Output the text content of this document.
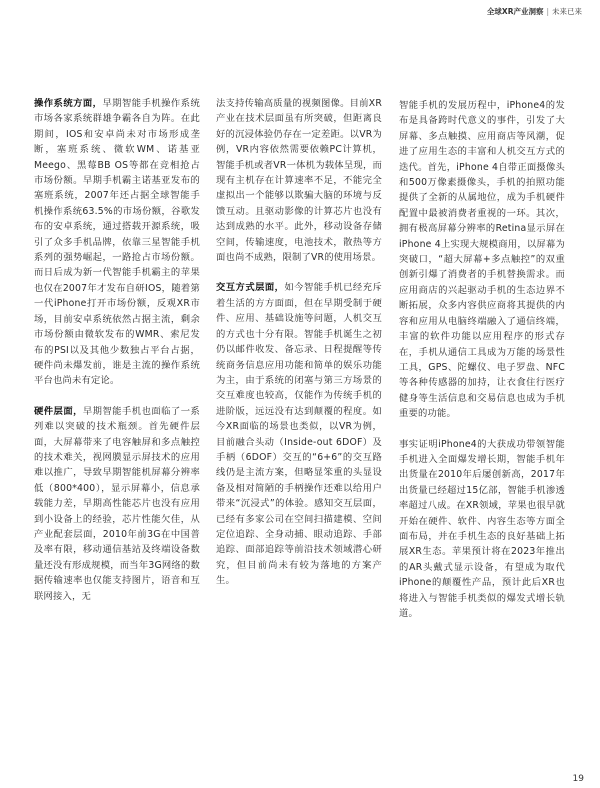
全球XR产业洞察 | 未来已来

操作系统方面，早期智能手机操作系统市场各家系统群雄争霸各自为阵。在此期间，IOS和安卓尚未对市场形成垄断，塞班系统、微软WM、诺基亚Meego、黑莓BB OS等都在竞相抢占市场份额。早期手机霸主诺基亚发布的塞班系统，2007年还占据全球智能手机操作系统63.5%的市场份额，谷歌发布的安卓系统，通过搭载开源系统，吸引了众多手机品牌，依靠三星智能手机系列的强势崛起，一路抢占市场份额。而日后成为新一代智能手机霸主的苹果也仅在2007年才发布自研IOS，随着第一代iPhone打开市场份额，反观XR市场，目前安卓系统依然占据主流，剩余市场份额由微软发布的WMR、索尼发布的PSI以及其他少数独占平台占据，硬件尚未爆发前，谁是主流的操作系统平台也尚未有定论。

硬件层面，早期智能手机也面临了一系列难以突破的技术瓶颈。首先硬件层面，大屏幕带来了电容触屏和多点触控的技术难关，视网膜显示屏技术的应用难以推广，导致早期智能机屏幕分辨率低（800*400），显示屏幕小，信息承载能力差，早期高性能芯片也没有应用到小设备上的经验，芯片性能欠佳，从产业配套层面，2010年前3G在中国普及率有限，移动通信基站及终端设备数量还没有形成规模，而当年3G网络的数据传输速率也仅能支持图片，语音和互联网接入，无

法支持传输高质量的视频图像。目前XR产业在技术层面虽有所突破，但距离良好的沉浸体验仍存在一定差距。以VR为例，VR内容依然需要依赖PC计算机，智能手机或者VR一体机为载体呈现，而现有主机存在计算速率不足，不能完全虚拟出一个能够以欺骗大脑的环境与反馈互动。且驱动影像的计算芯片也没有达到成熟的水平。此外，移动设备存储空间，传输速度，电池技术，散热等方面也尚不成熟，限制了VR的使用场景。

交互方式层面，如今智能手机已经充斥着生活的方方面面，但在早期受制于硬件、应用、基础设施等问题，人机交互的方式也十分有限。智能手机诞生之初仍以邮件收发、备忘录、日程提醒等传统商务信息应用功能和简单的娱乐功能为主，由于系统的闭塞与第三方场景的交互难度也较高，仅能作为传统手机的进阶版，远远没有达到颠覆的程度。如今XR面临的场景也类似，以VR为例，目前融合头动（Inside-out 6DOF）及手柄（6DOF）交互的“6+6”的交互路线仍是主流方案，但略显笨重的头显设备及相对简陋的手柄操作还难以给用户带来“沉浸式”的体验。感知交互层面，已经有多家公司在空间扫描建模、空间定位追踪、全身动捕、眼动追踪、手部追踪、面部追踪等前沿技术领域潜心研究，但目前尚未有较为落地的方案产生。

智能手机的发展历程中，iPhone4的发布是具备跨时代意义的事件，引发了大屏幕、多点触摸、应用商店等风潮，促进了应用生态的丰富和人机交互方式的迭代。首先，iPhone 4自带正面摄像头和500万像素摄像头，手机的拍照功能提供了全新的从属地位，成为手机硬件配置中最被消费者重视的一环。其次，拥有极高屏幕分辨率的Retina显示屏在iPhone 4上实现大规模商用，以屏幕为突破口，“超大屏幕+多点触控”的双重创新引爆了消费者的手机替换需求。而应用商店的兴起驱动手机的生态边界不断拓展，众多内容供应商将其提供的内容和应用从电脑终端融入了通信终端，丰富的软件功能以应用程序的形式存在，手机从通信工具成为万能的场景性工具，GPS、陀螺仪、电子罗盘、NFC等各种传感器的加持，让衣食住行医疗健身等生活信息和交易信息也成为手机重要的功能。

事实证明iPhone4的大获成功带领智能手机进入全面爆发增长期，智能手机年出货量在2010年后屡创新高，2017年出货量已经超过15亿部，智能手机渗透率超过八成。在XR领域，苹果也很早就开始在硬件、软件、内容生态等方面全面布局，并在手机生态的良好基础上拓展XR生态。苹果预计将在2023年推出的AR头戴式显示设备，有望成为取代iPhone的颠覆性产品，预计此后XR也将进入与智能手机类似的爆发式增长轨道。

19
